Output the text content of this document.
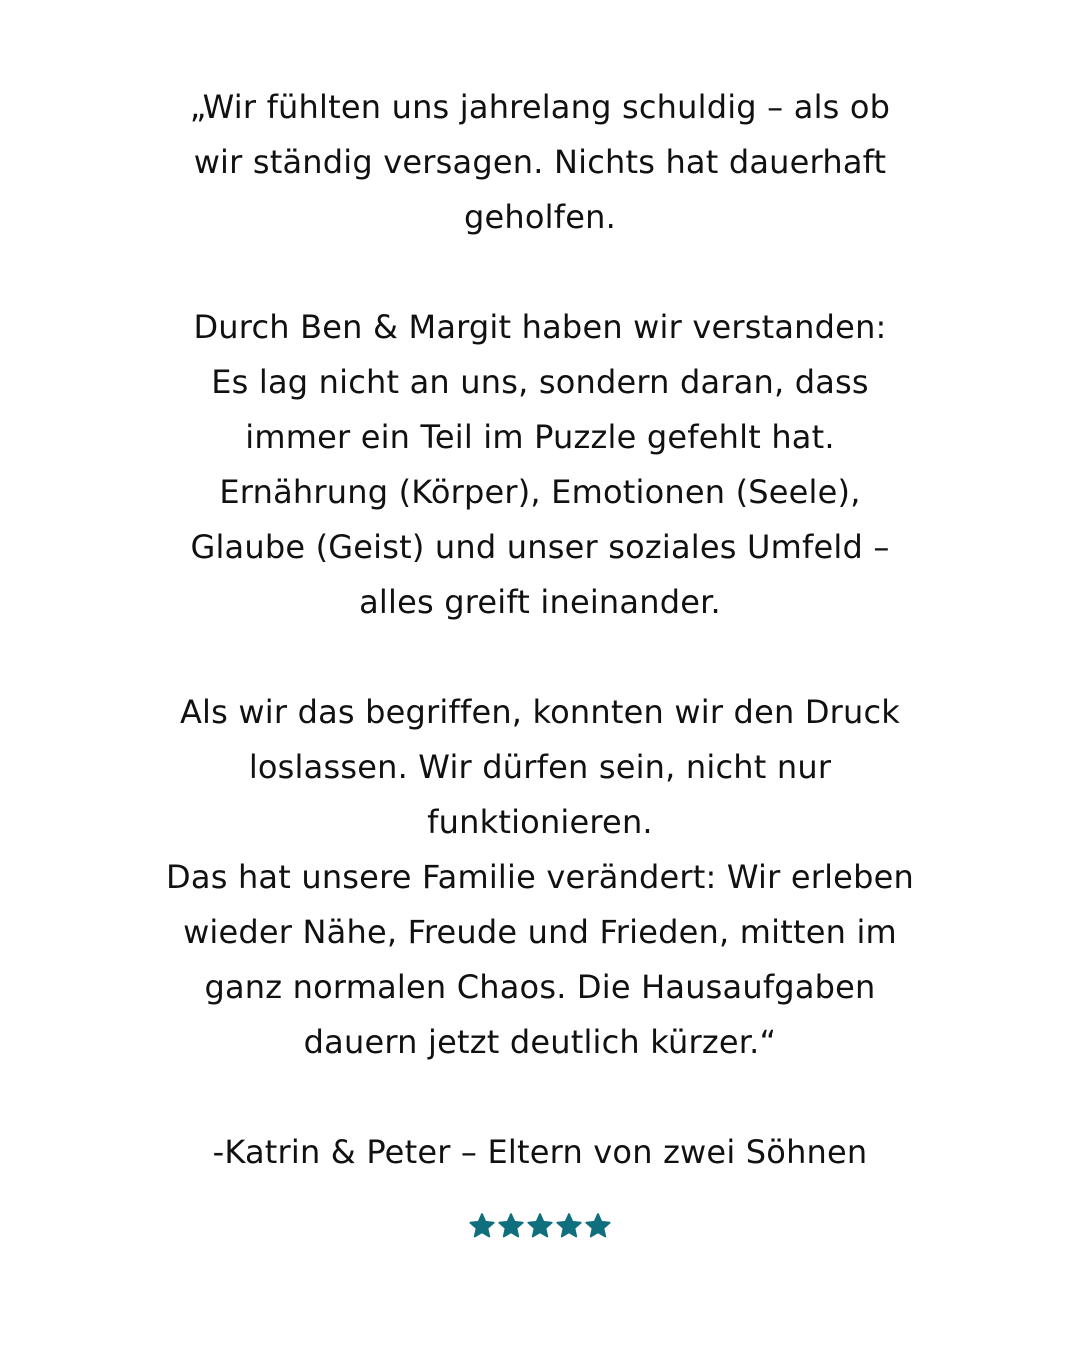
„Wir fühlten uns jahrelang schuldig – als ob
wir ständig versagen. Nichts hat dauerhaft
geholfen.
Durch Ben & Margit haben wir verstanden:
Es lag nicht an uns, sondern daran, dass
immer ein Teil im Puzzle gefehlt hat.
Ernährung (Körper), Emotionen (Seele),
Glaube (Geist) und unser soziales Umfeld –
alles greift ineinander.
Als wir das begriffen, konnten wir den Druck
loslassen. Wir dürfen sein, nicht nur
funktionieren.
Das hat unsere Familie verändert: Wir erleben
wieder Nähe, Freude und Frieden, mitten im
ganz normalen Chaos. Die Hausaufgaben
dauern jetzt deutlich kürzer.“
-Katrin & Peter – Eltern von zwei Söhnen
